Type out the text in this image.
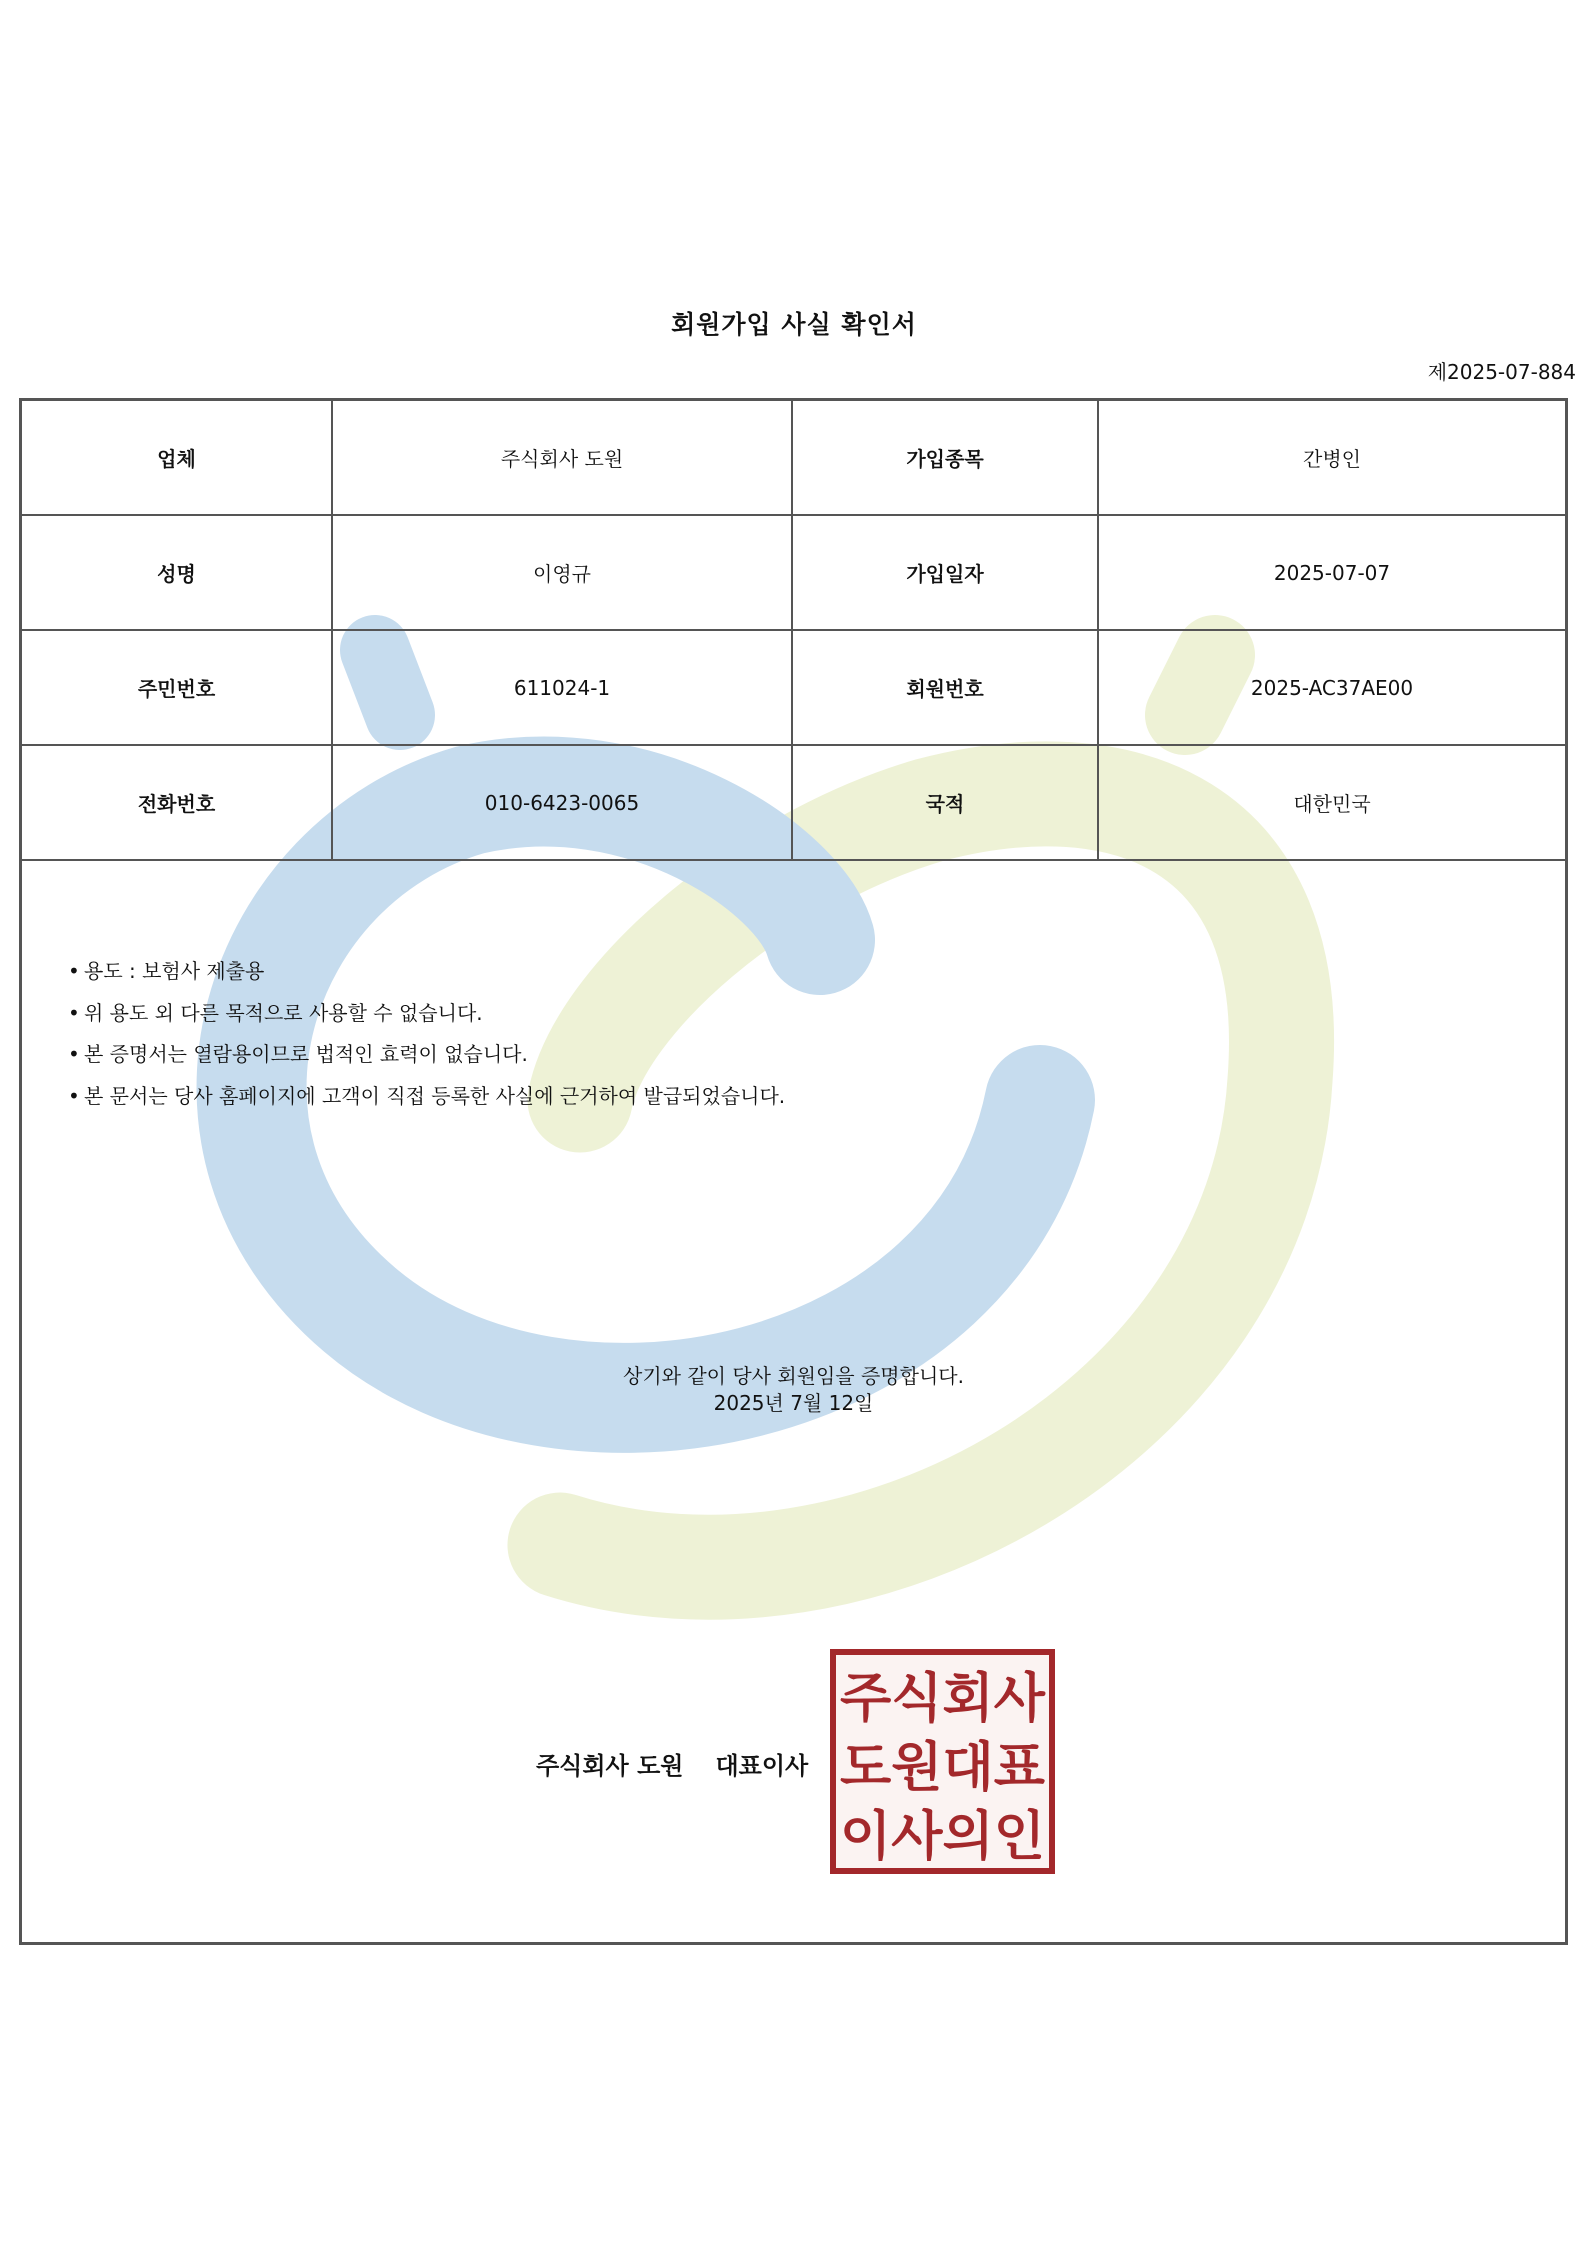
회원가입 사실 확인서
제2025-07-884
업체	주식회사 도원	가입종목	간병인
성명	이영규	가입일자	2025-07-07
주민번호	611024-1	회원번호	2025-AC37AE00
전화번호	010-6423-0065	국적	대한민국
• 용도 : 보험사 제출용
• 위 용도 외 다른 목적으로 사용할 수 없습니다.
• 본 증명서는 열람용이므로 법적인 효력이 없습니다.
• 본 문서는 당사 홈페이지에 고객이 직접 등록한 사실에 근거하여 발급되었습니다.
상기와 같이 당사 회원임을 증명합니다.
2025년 7월 12일
주식회사 도원 대표이사
주식회사
도원대표
이사의인
